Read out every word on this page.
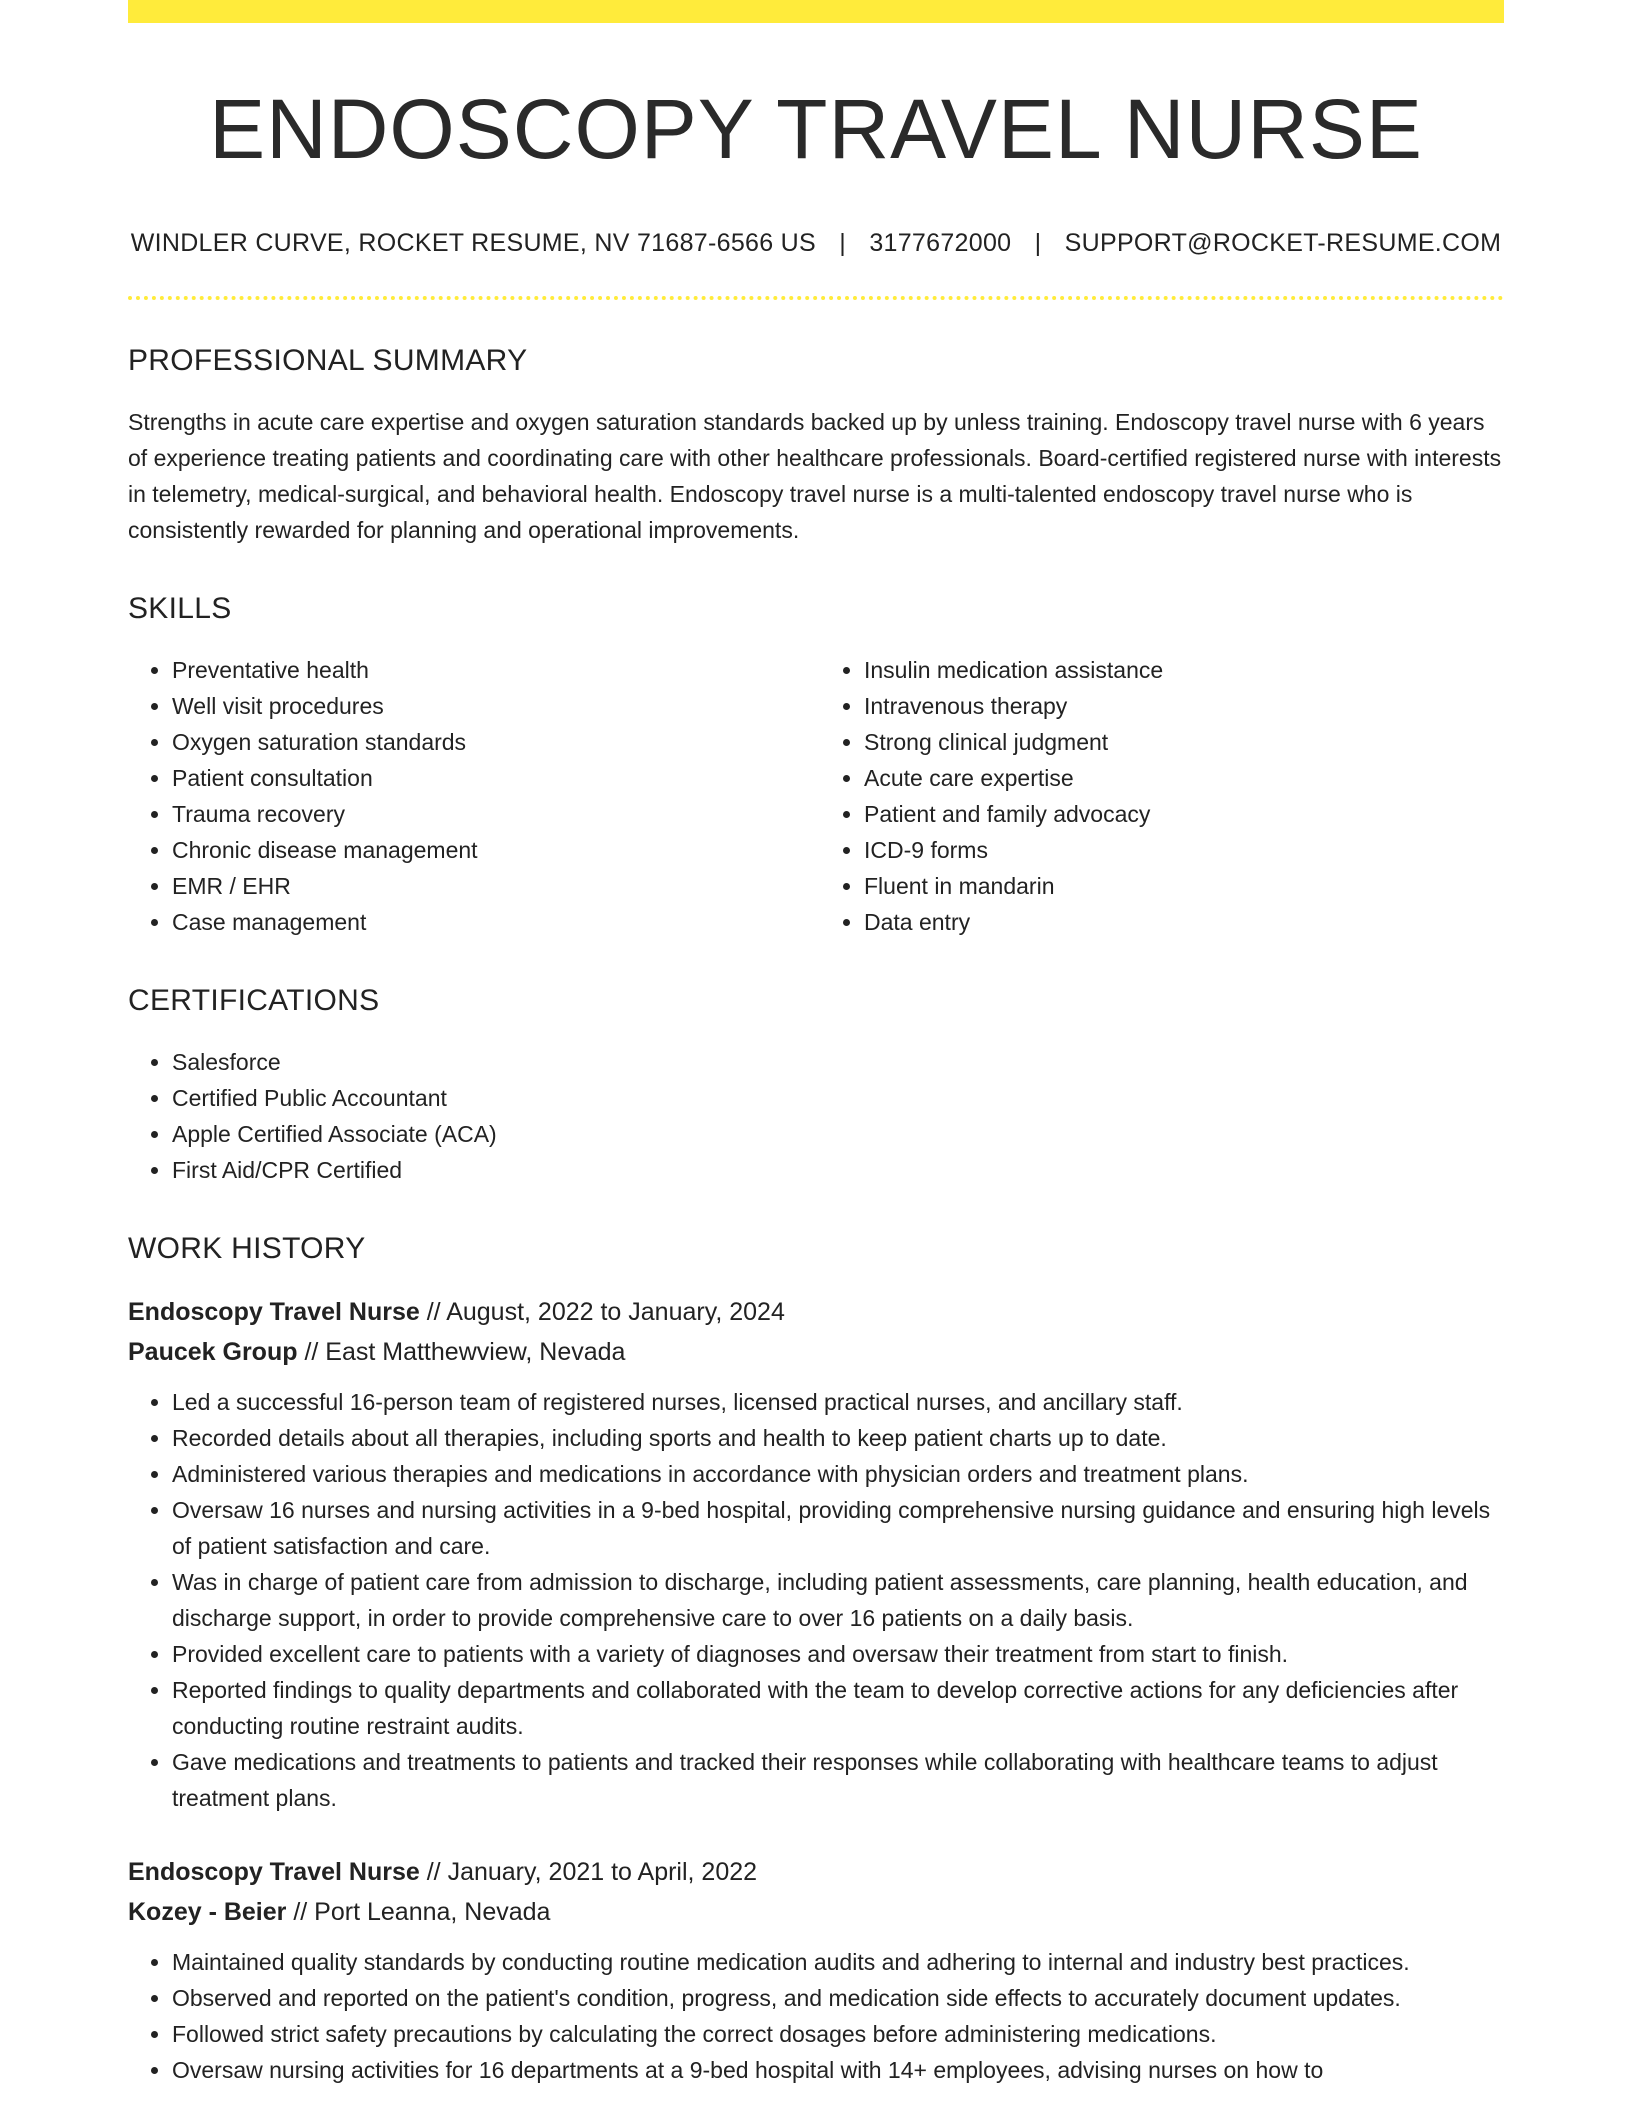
ENDOSCOPY TRAVEL NURSE
WINDLER CURVE, ROCKET RESUME, NV 71687-6566 US | 3177672000 | SUPPORT@ROCKET-RESUME.COM
PROFESSIONAL SUMMARY

Strengths in acute care expertise and oxygen saturation standards backed up by unless training. Endoscopy travel nurse with 6 years of experience treating patients and coordinating care with other healthcare professionals. Board-certified registered nurse with interests in telemetry, medical-surgical, and behavioral health. Endoscopy travel nurse is a multi-talented endoscopy travel nurse who is consistently rewarded for planning and operational improvements.

SKILLS
• Preventative health
• Well visit procedures
• Oxygen saturation standards
• Patient consultation
• Trauma recovery
• Chronic disease management
• EMR / EHR
• Case management
• Insulin medication assistance
• Intravenous therapy
• Strong clinical judgment
• Acute care expertise
• Patient and family advocacy
• ICD-9 forms
• Fluent in mandarin
• Data entry
CERTIFICATIONS
• Salesforce
• Certified Public Accountant
• Apple Certified Associate (ACA)
• First Aid/CPR Certified
WORK HISTORY
Endoscopy Travel Nurse // August, 2022 to January, 2024
Paucek Group // East Matthewview, Nevada
• Led a successful 16-person team of registered nurses, licensed practical nurses, and ancillary staff.
• Recorded details about all therapies, including sports and health to keep patient charts up to date.
• Administered various therapies and medications in accordance with physician orders and treatment plans.
• Oversaw 16 nurses and nursing activities in a 9-bed hospital, providing comprehensive nursing guidance and ensuring high levels of patient satisfaction and care.
• Was in charge of patient care from admission to discharge, including patient assessments, care planning, health education, and discharge support, in order to provide comprehensive care to over 16 patients on a daily basis.
• Provided excellent care to patients with a variety of diagnoses and oversaw their treatment from start to finish.
• Reported findings to quality departments and collaborated with the team to develop corrective actions for any deficiencies after conducting routine restraint audits.
• Gave medications and treatments to patients and tracked their responses while collaborating with healthcare teams to adjust treatment plans.
Endoscopy Travel Nurse // January, 2021 to April, 2022
Kozey - Beier // Port Leanna, Nevada
• Maintained quality standards by conducting routine medication audits and adhering to internal and industry best practices.
• Observed and reported on the patient's condition, progress, and medication side effects to accurately document updates.
• Followed strict safety precautions by calculating the correct dosages before administering medications.
• Oversaw nursing activities for 16 departments at a 9-bed hospital with 14+ employees, advising nurses on how to
